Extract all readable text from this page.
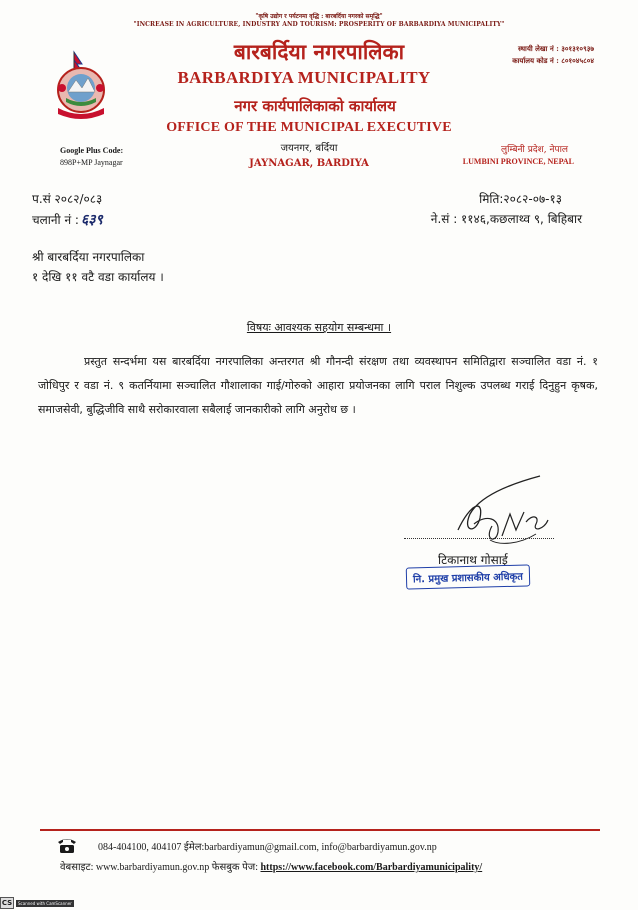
"कृषि उद्योग र पर्यटनमा वृद्धि : बारबर्दिया नगरको समृद्धि"
"INCREASE IN AGRICULTURE, INDUSTRY AND TOURISM: PROSPERITY OF BARBARDIYA MUNICIPALITY"
बारबर्दिया नगरपालिका
BARBARDIYA MUNICIPALITY
नगर कार्यपालिकाको कार्यालय
OFFICE OF THE MUNICIPAL EXECUTIVE
जयनगर, बर्दिया
JAYNAGAR, BARDIYA
स्थायी लेखा नं : ३०१३१०९३७
कार्यालय कोड नं : ८०१०४५८०४
Google Plus Code:
898P+MP Jaynagar
लुम्बिनी प्रदेश, नेपाल
LUMBINI PROVINCE, NEPAL
प.सं २०८२/०८३
चलानी नं : ६३९
मिति:२०८२-०७-१३
ने.सं : ११४६,कछलाथ्व ९, बिहिबार
श्री बारबर्दिया नगरपालिका
१ देखि ११ वटै वडा कार्यालय ।
विषयः आवश्यक सहयोग सम्बन्धमा ।

प्रस्तुत सन्दर्भमा यस बारबर्दिया नगरपालिका अन्तरगत श्री गौनन्दी संरक्षण तथा व्यवस्थापन समितिद्वारा सञ्चालित वडा नं. १ जोधिपुर र वडा नं. ९ कतर्नियामा सञ्चालित गौशालाका गाई/गोरुको आहारा प्रयोजनका लागि पराल निशुल्क उपलब्ध गराई दिनुहुन कृषक, समाजसेवी, बुद्धिजीवि साथै सरोकारवाला सबैलाई जानकारीको लागि अनुरोध छ ।

टिकानाथ गोसाई
नि. प्रमुख प्रशासकीय अधिकृत
084-404100, 404107 ईमेल:barbardiyamun@gmail.com, info@barbardiyamun.gov.np
वेबसाइट: www.barbardiyamun.gov.np फेसबुक पेज: https://www.facebook.com/Barbardiyamunicipality/
CS	Scanned with CamScanner
